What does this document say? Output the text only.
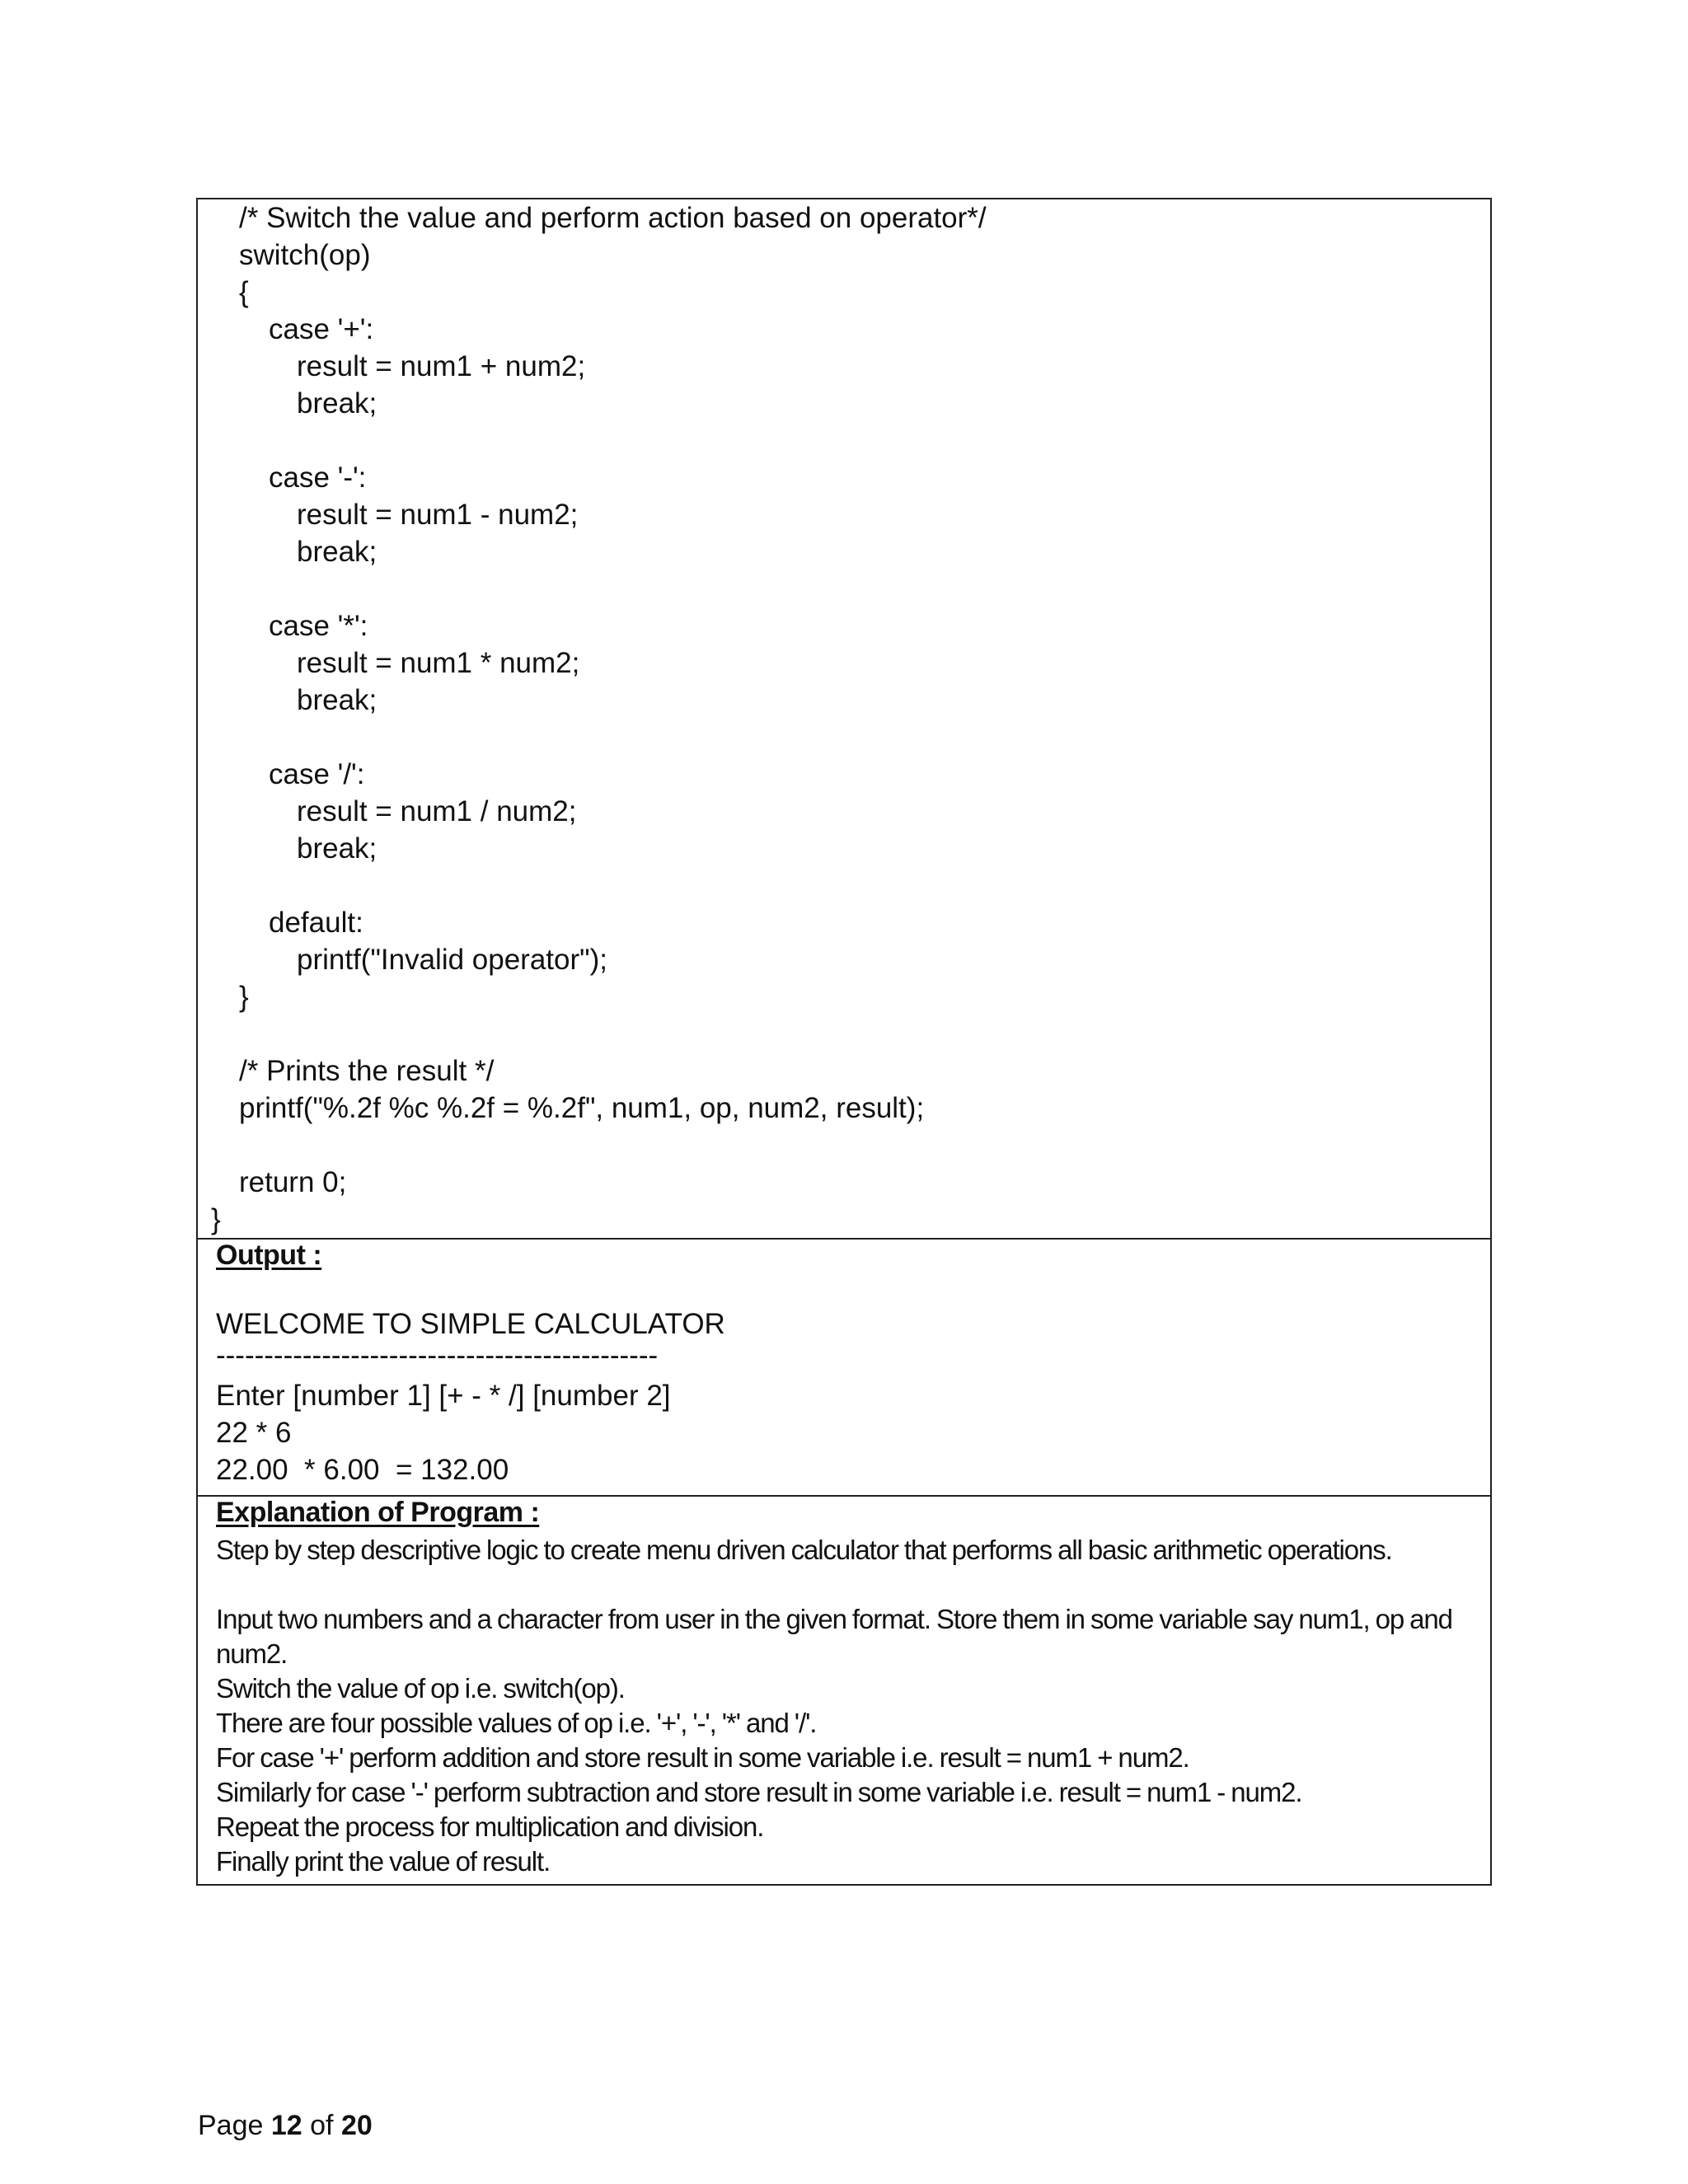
/* Switch the value and perform action based on operator*/
switch(op)
{
case '+':
result = num1 + num2;
break;
case '-':
result = num1 - num2;
break;
case '*':
result = num1 * num2;
break;
case '/':
result = num1 / num2;
break;
default:
printf("Invalid operator");
}
/* Prints the result */
printf("%.2f %c %.2f = %.2f", num1, op, num2, result);
return 0;
}
Output :
WELCOME TO SIMPLE CALCULATOR
----------------------------------------------
Enter [number 1] [+ - * /] [number 2]
22 * 6
22.00  * 6.00  = 132.00
Explanation of Program :
Step by step descriptive logic to create menu driven calculator that performs all basic arithmetic operations.
Input two numbers and a character from user in the given format. Store them in some variable say num1, op and
num2.
Switch the value of op i.e. switch(op).
There are four possible values of op i.e. '+', '-', '*' and '/'.
For case '+' perform addition and store result in some variable i.e. result = num1 + num2.
Similarly for case '-' perform subtraction and store result in some variable i.e. result = num1 - num2.
Repeat the process for multiplication and division.
Finally print the value of result.
Page 12 of 20
